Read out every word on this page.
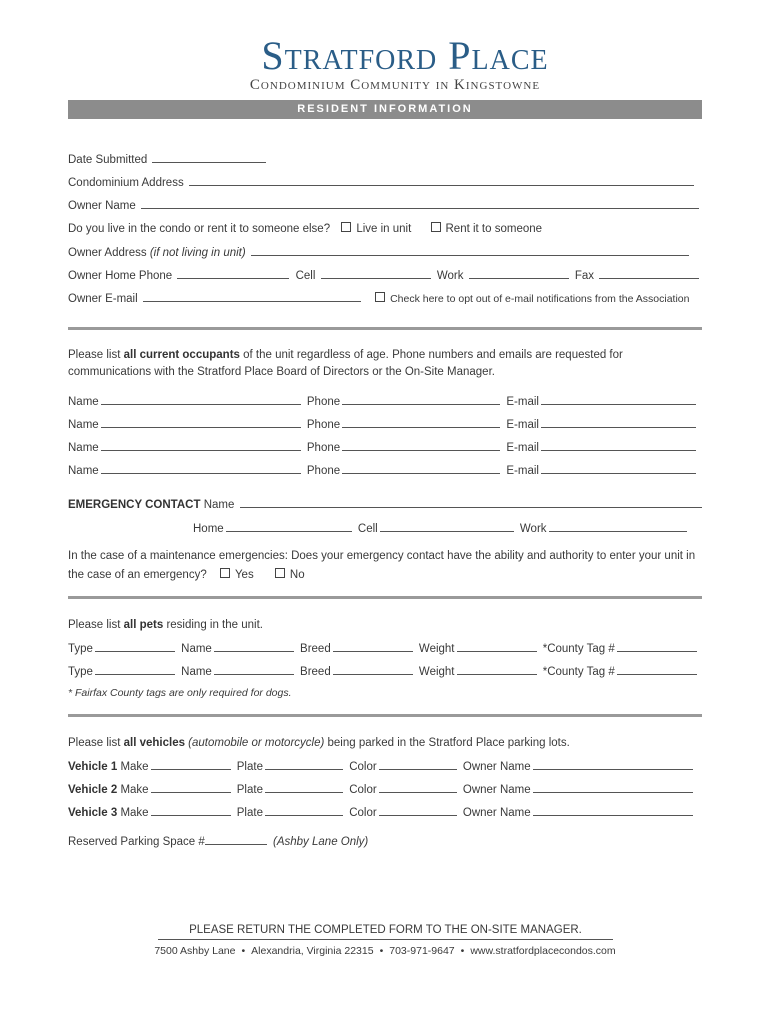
Stratford Place
Condominium Community in Kingstowne
RESIDENT INFORMATION
Date Submitted
Condominium Address
Owner Name
Do you live in the condo or rent it to someone else? Live in unit	Rent it to someone
Owner Address (if not living in unit)
Owner Home Phone	Cell	Work	Fax
Owner E-mail	Check here to opt out of e-mail notifications from the Association
Please list all current occupants of the unit regardless of age. Phone numbers and emails are requested for communications with the Stratford Place Board of Directors or the On-Site Manager.
Name	Phone	E-mail
Name	Phone	E-mail
Name	Phone	E-mail
Name	Phone	E-mail
EMERGENCY CONTACT Name
Home	Cell	Work
In the case of a maintenance emergencies: Does your emergency contact have the ability and authority to enter your unit in the case of an emergency? Yes	No
Please list all pets residing in the unit.
Type	Name	Breed	Weight	*County Tag #
Type	Name	Breed	Weight	*County Tag #
* Fairfax County tags are only required for dogs.
Please list all vehicles (automobile or motorcycle) being parked in the Stratford Place parking lots.
Vehicle 1 Make	Plate	Color	Owner Name
Vehicle 2 Make	Plate	Color	Owner Name
Vehicle 3 Make	Plate	Color	Owner Name
Reserved Parking Space #	(Ashby Lane Only)
PLEASE RETURN THE COMPLETED FORM TO THE ON-SITE MANAGER.
7500 Ashby Lane • Alexandria, Virginia 22315 • 703-971-9647 • www.stratfordplacecondos.com
